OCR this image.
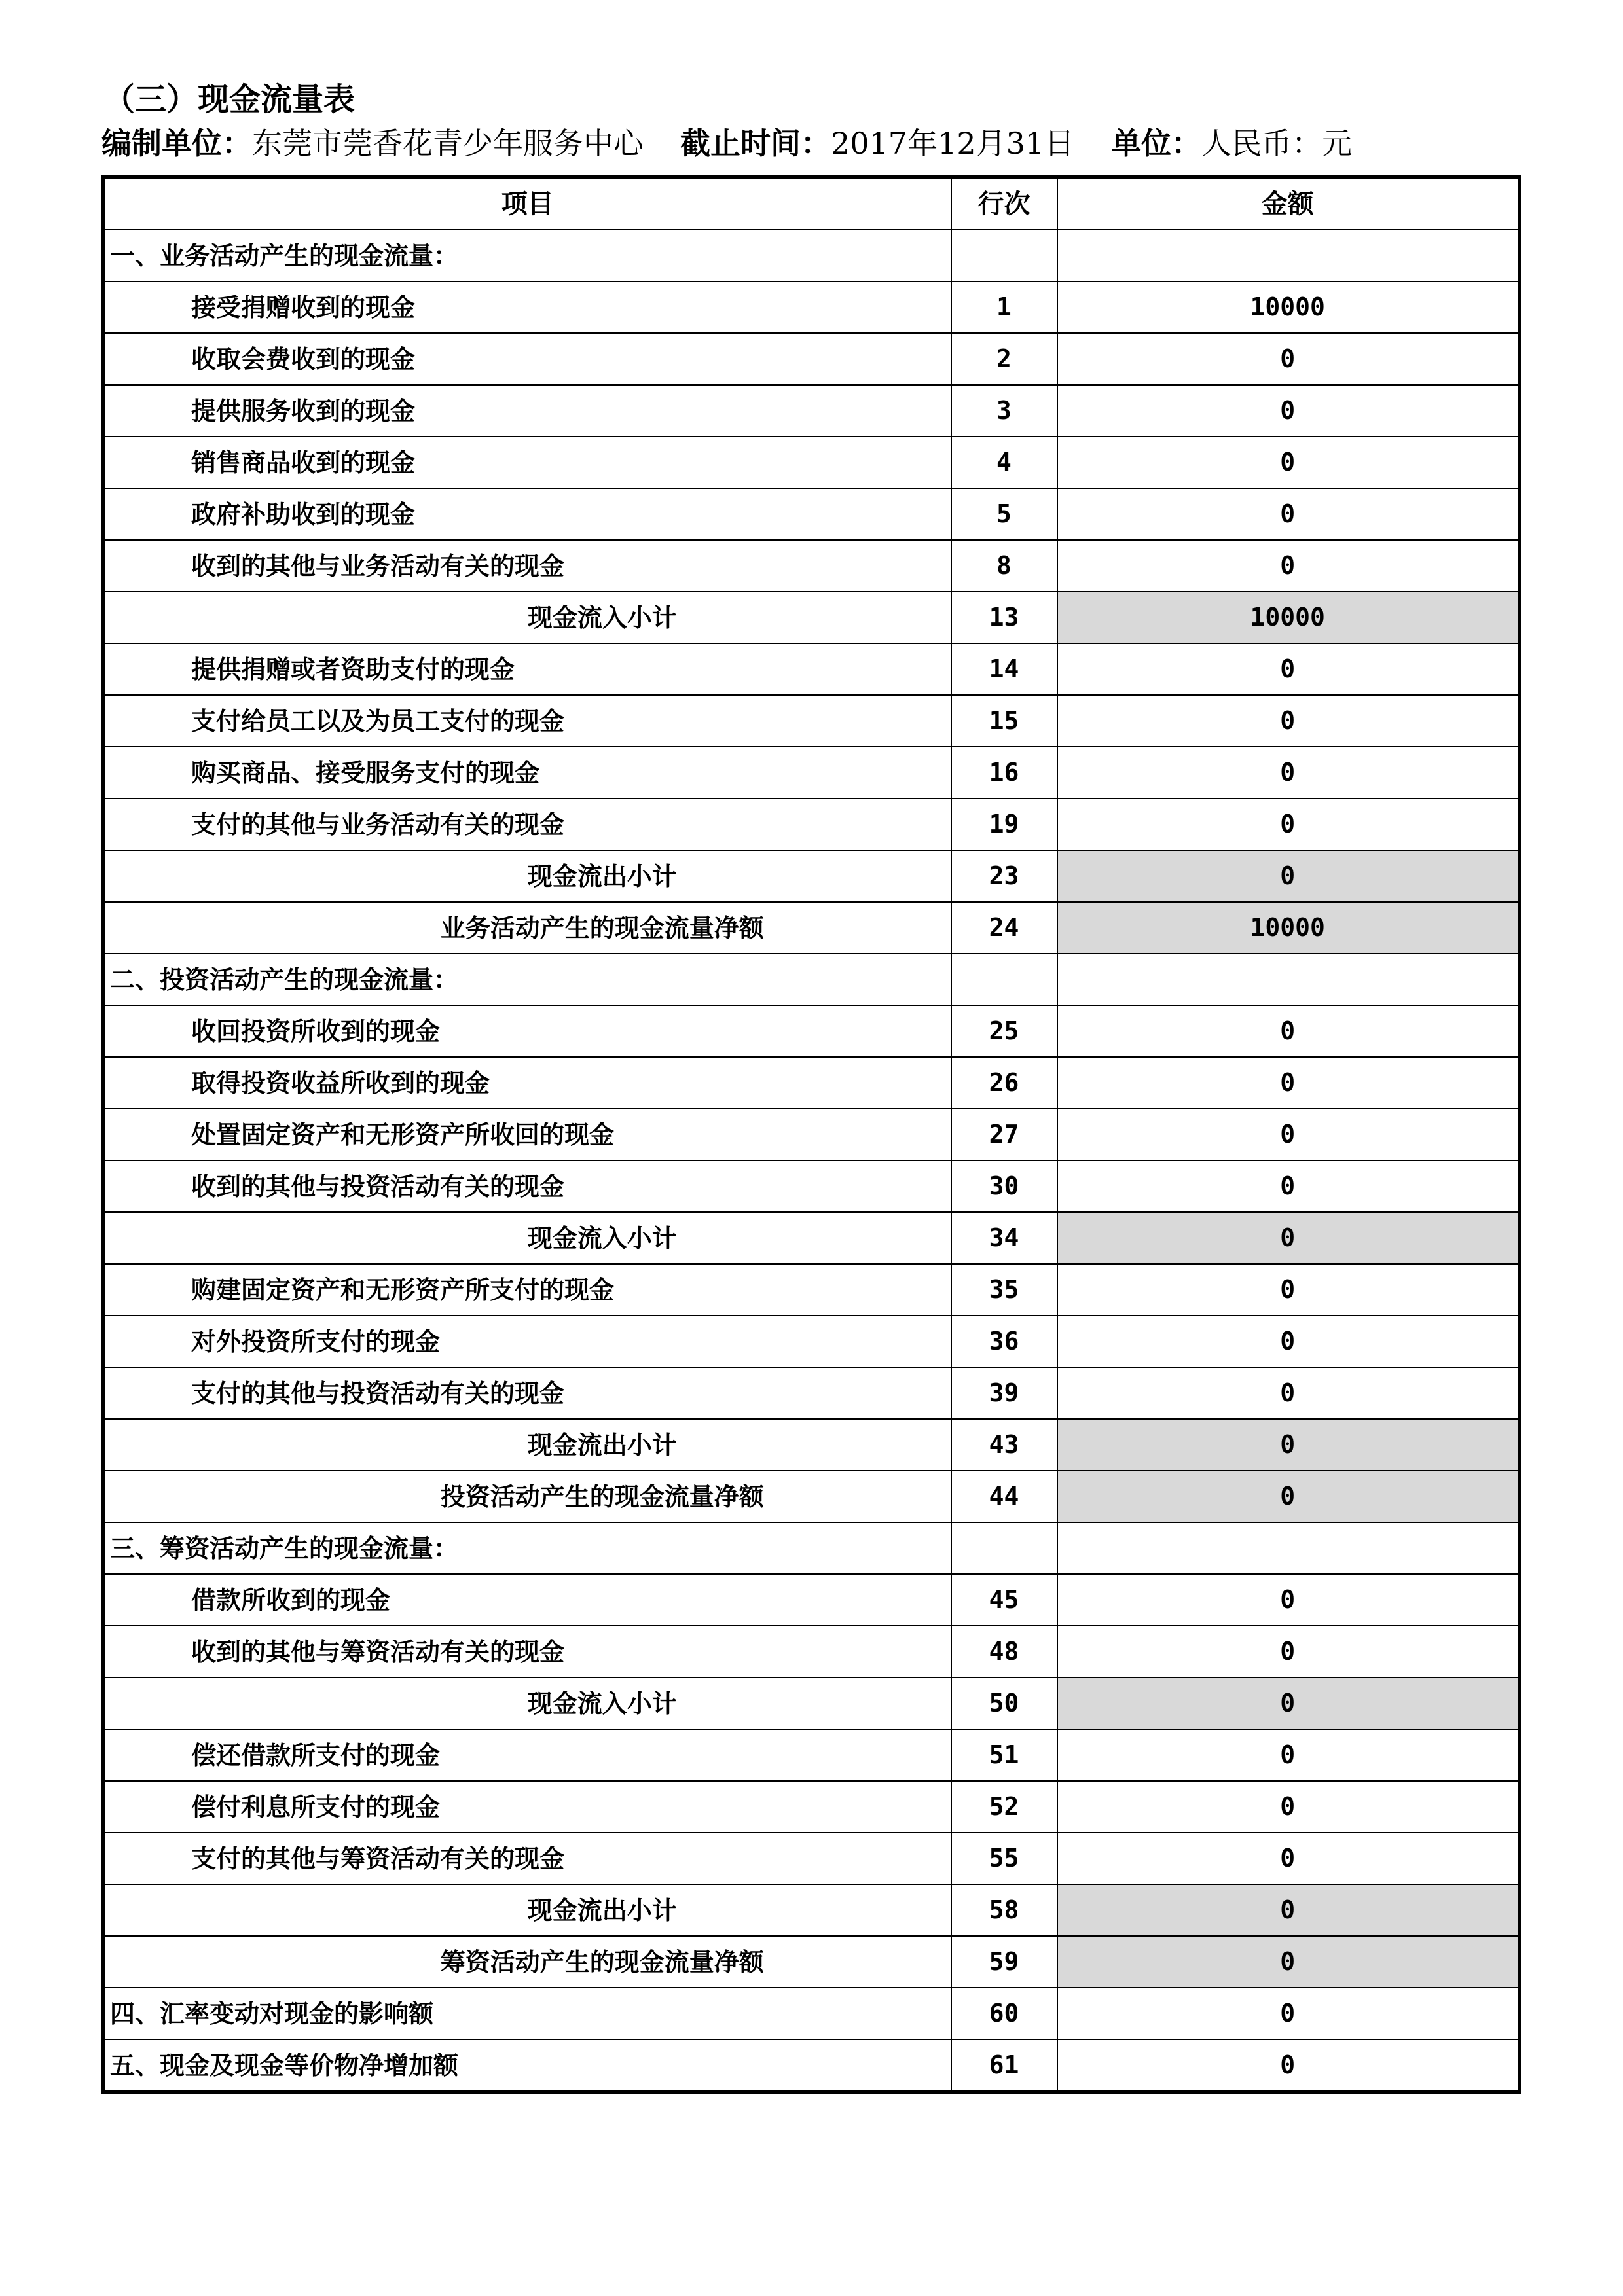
（三）现金流量表
编制单位：东莞市莞香花青少年服务中心 截止时间：2017年12月31日 单位：人民币：元
项目	行次	金额
一、业务活动产生的现金流量：		
接受捐赠收到的现金	1	10000
收取会费收到的现金	2	0
提供服务收到的现金	3	0
销售商品收到的现金	4	0
政府补助收到的现金	5	0
收到的其他与业务活动有关的现金	8	0
现金流入小计	13	10000
提供捐赠或者资助支付的现金	14	0
支付给员工以及为员工支付的现金	15	0
购买商品、接受服务支付的现金	16	0
支付的其他与业务活动有关的现金	19	0
现金流出小计	23	0
业务活动产生的现金流量净额	24	10000
二、投资活动产生的现金流量：		
收回投资所收到的现金	25	0
取得投资收益所收到的现金	26	0
处置固定资产和无形资产所收回的现金	27	0
收到的其他与投资活动有关的现金	30	0
现金流入小计	34	0
购建固定资产和无形资产所支付的现金	35	0
对外投资所支付的现金	36	0
支付的其他与投资活动有关的现金	39	0
现金流出小计	43	0
投资活动产生的现金流量净额	44	0
三、筹资活动产生的现金流量：		
借款所收到的现金	45	0
收到的其他与筹资活动有关的现金	48	0
现金流入小计	50	0
偿还借款所支付的现金	51	0
偿付利息所支付的现金	52	0
支付的其他与筹资活动有关的现金	55	0
现金流出小计	58	0
筹资活动产生的现金流量净额	59	0
四、汇率变动对现金的影响额	60	0
五、现金及现金等价物净增加额	61	0
